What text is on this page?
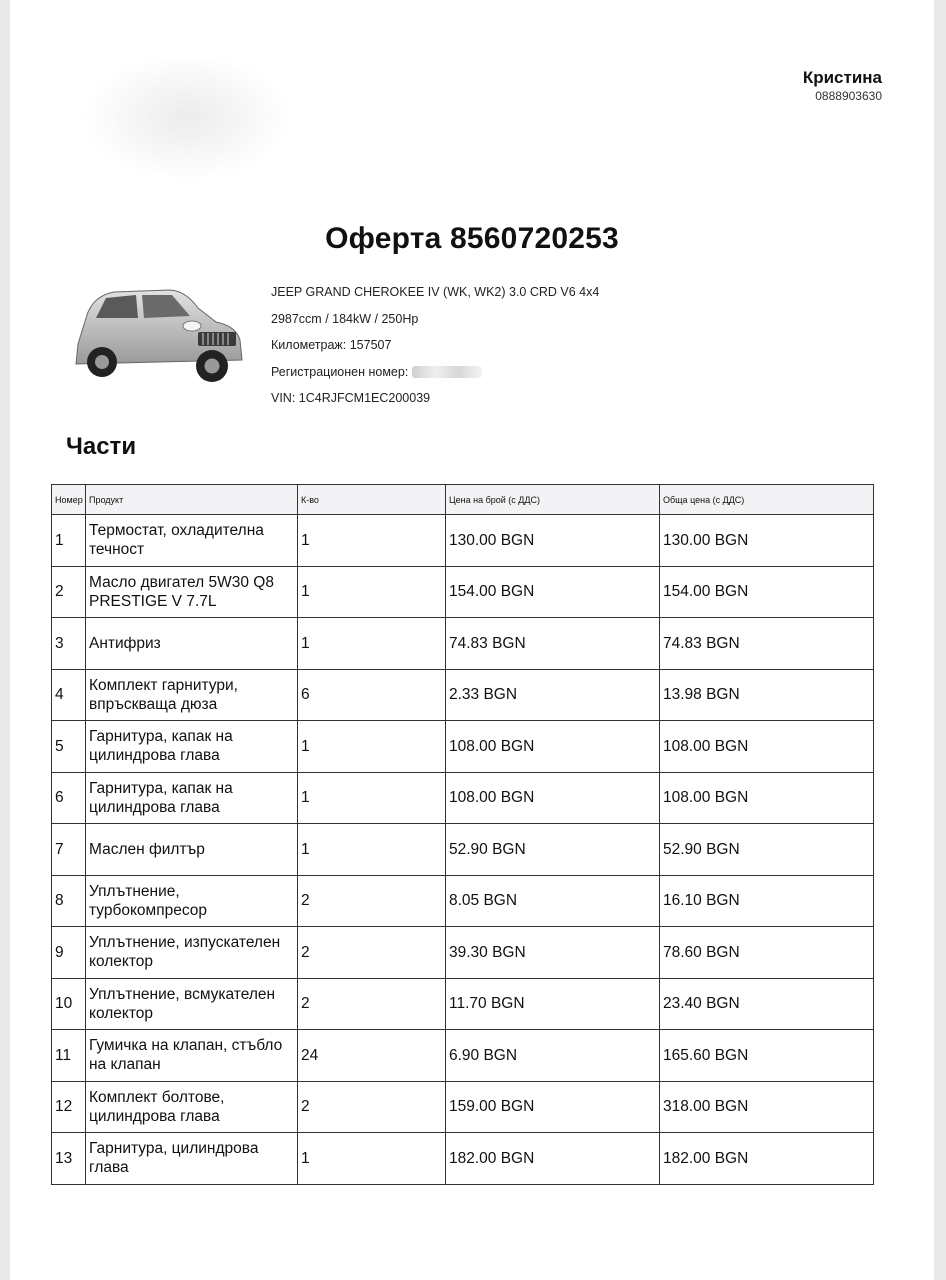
Кристина
0888903630
Оферта 8560720253
JEEP GRAND CHEROKEE IV (WK, WK2) 3.0 CRD V6 4x4
2987ccm / 184kW / 250Hp
Километраж: 157507
Регистрационен номер:
VIN: 1C4RJFCM1EC200039
Части
Номер	Продукт	К-во	Цена на брой (с ДДС)	Обща цена (с ДДС)
1	Термостат, охладителна течност	1	130.00 BGN	130.00 BGN
2	Масло двигател 5W30 Q8 PRESTIGE V 7.7L	1	154.00 BGN	154.00 BGN
3	Антифриз	1	74.83 BGN	74.83 BGN
4	Комплект гарнитури, впръскваща дюза	6	2.33 BGN	13.98 BGN
5	Гарнитура, капак на цилиндрова глава	1	108.00 BGN	108.00 BGN
6	Гарнитура, капак на цилиндрова глава	1	108.00 BGN	108.00 BGN
7	Маслен филтър	1	52.90 BGN	52.90 BGN
8	Уплътнение, турбокомпресор	2	8.05 BGN	16.10 BGN
9	Уплътнение, изпускателен колектор	2	39.30 BGN	78.60 BGN
10	Уплътнение, всмукателен колектор	2	11.70 BGN	23.40 BGN
11	Гумичка на клапан, стъбло на клапан	24	6.90 BGN	165.60 BGN
12	Комплект болтове, цилиндрова глава	2	159.00 BGN	318.00 BGN
13	Гарнитура, цилиндрова глава	1	182.00 BGN	182.00 BGN
